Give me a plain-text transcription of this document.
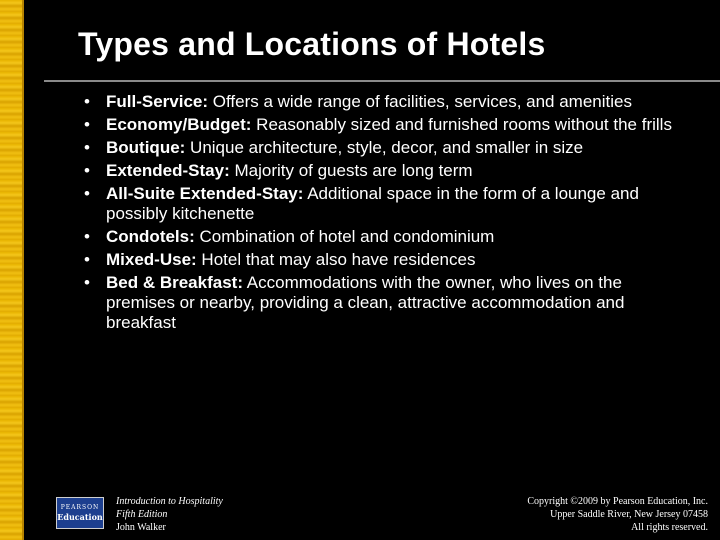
Types and Locations of Hotels
• Full-Service: Offers a wide range of facilities, services, and amenities
• Economy/Budget: Reasonably sized and furnished rooms without the frills
• Boutique: Unique architecture, style, decor, and smaller in size
• Extended-Stay: Majority of guests are long term
• All-Suite Extended-Stay: Additional space in the form of a lounge and possibly kitchenette
• Condotels: Combination of hotel and condominium
• Mixed-Use: Hotel that may also have residences
• Bed & Breakfast: Accommodations with the owner, who lives on the premises or nearby, providing a clean, attractive accommodation and breakfast
PEARSON
Education
Introduction to Hospitality
Fifth Edition
John Walker
Copyright ©2009 by Pearson Education, Inc.
Upper Saddle River, New Jersey 07458
All rights reserved.
